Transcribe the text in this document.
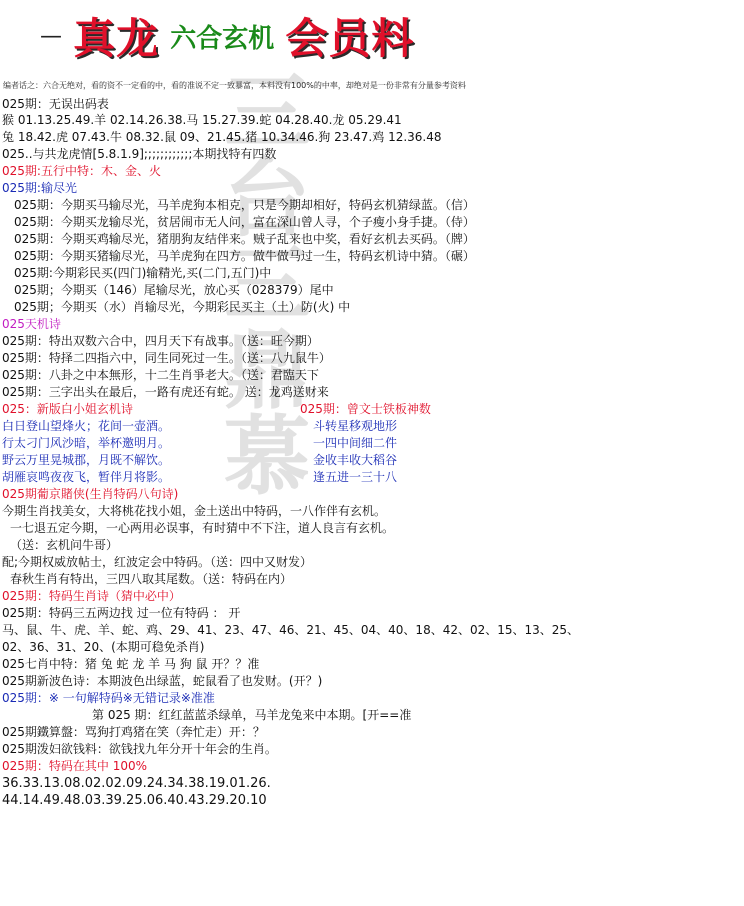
三台三鼎慕
— 真龙 六合玄机 会员料
编者话之：六合无绝对，看的资不一定看的中，看的准说不定一致暴富，本料没有100%的中率，却绝对是一份非常有分量参考资料
025期：无误出码表
猴 01.13.25.49.羊 02.14.26.38.马 15.27.39.蛇 04.28.40.龙 05.29.41
兔 18.42.虎 07.43.牛 08.32.鼠 09、21.45.猪 10.34.46.狗 23.47.鸡 12.36.48
025..与共龙虎情[5.8.1.9];;;;;;;;;;;;本期找特有四数
025期:五行中特：木、金、火
025期:输尽光
025期：今期买马输尽光，马羊虎狗本相克，只是今期却相好，特码玄机猜绿蓝。（信）
025期：今期买龙输尽光，贫居闹市无人问，富在深山曾人寻，个子瘦小身手捷。（侍）
025期：今期买鸡输尽光，猪朋狗友结伴来。贼子乱来也中奖，看好玄机去买码。（牌）
025期：今期买猪输尽光，马羊虎狗在四方。做牛做马过一生，特码玄机诗中猜。（碾）
025期:今期彩民买(四门)输精光,买(二门,五门)中
025期；今期买（146）尾输尽光，放心买（028379）尾中
025期；今期买（水）肖输尽光，今期彩民买主（土）防(火) 中
025天机诗
025期：特出双数六合中，四月天下有战事。（送：旺今期）
025期：特择二四指六中，同生同死过一生。（送：八九鼠牛）
025期：八卦之中本無形，十二生肖爭老大。（送：君臨天下
025期：三字出头在最后，一路有虎还有蛇。 送：龙鸡送财来
025：新版白小姐玄机诗	025期：曾文士铁板神数
白日登山望烽火；花间一壶酒。	斗转星移观地形
行太刁门风沙暗，举杯邀明月。	一四中间细二件
野云万里晃城郡，月既不解饮。	金收丰收大稻谷
胡雁哀鸣夜夜飞，暂伴月将影。	逢五进一三十八
025期葡京賭侠(生肖特码八句诗)
今期生肖找美女，大将桃花找小姐，金土送出中特码，一八作伴有玄机。
一七退五定今期，一心两用必误事，有时猜中不下注，道人良言有玄机。
（送：玄机问牛哥）
配;今期权威放帖士，红波定会中特码。（送：四中又财发）
春秋生肖有特出，三四八取其尾数。（送：特码在内）
025期：特码生肖诗（猜中必中）
025期：特码三五两边找 过一位有特码 ： 开
马、鼠、牛、虎、羊、蛇、鸡、29、41、23、47、46、21、45、04、40、18、42、02、15、13、25、
02、36、31、20、(本期可稳免杀肖)
025七肖中特：猪 兔 蛇 龙 羊 马 狗 鼠 开？？准
025期新波色诗：本期波色出绿蓝，蛇鼠看了也发财。(开？)
025期：※ 一句解特码※无错记录※准准
第 025 期：红红蓝蓝杀绿单，马羊龙兔来中本期。[开==准
025期鐵算盤：骂狗打鸡猪在笑（奔忙走）开：？
025期泼妇欲钱料：欲钱找九年分开十年会的生肖。
025期：特码在其中 100%
36.33.13.08.02.02.09.24.34.38.19.01.26.
44.14.49.48.03.39.25.06.40.43.29.20.10
